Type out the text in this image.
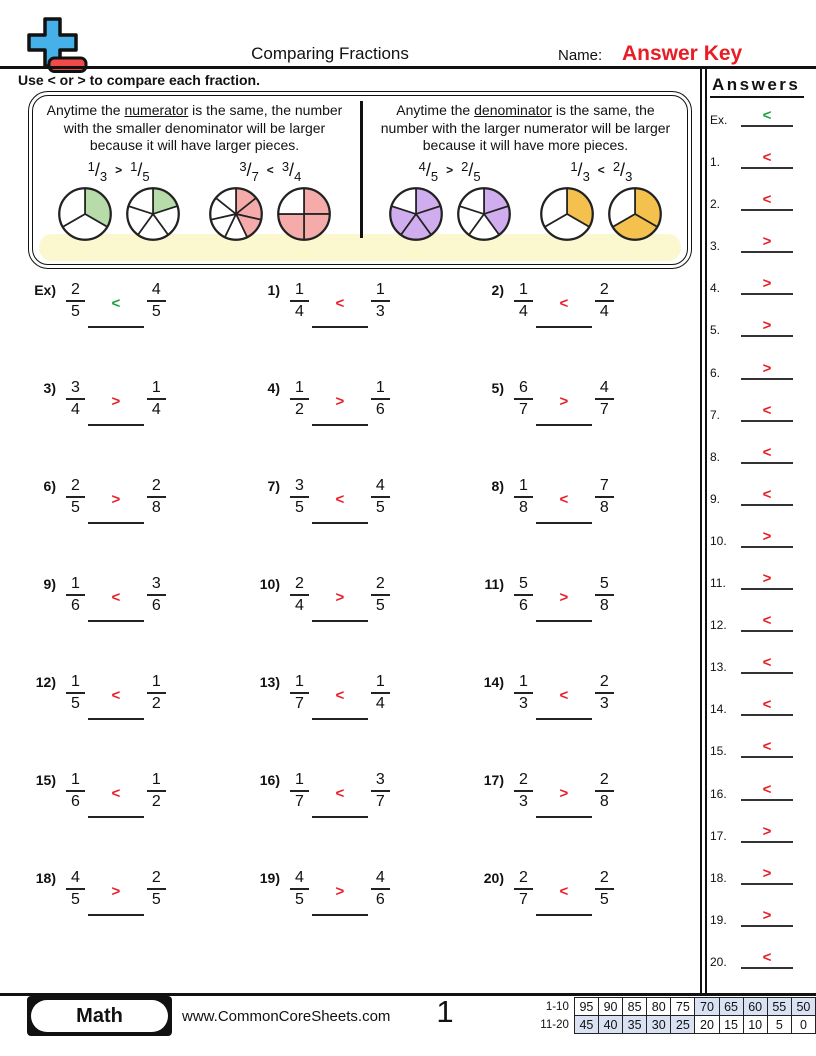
Comparing Fractions	Name: Answer Key
Use < or > to compare each fraction.

Anytime the numerator is the same, the number with the smaller denominator will be larger because it will have larger pieces.

1/3 > 1/5
3/7 < 3/4

Anytime the denominator is the same, the number with the larger numerator will be larger because it will have more pieces.

4/5 > 2/5
1/3 < 2/3
$Ex) \frac{2}{5} < \frac{4}{5}$	$1) \frac{1}{4} < \frac{1}{3}$	$2) \frac{1}{4} < \frac{2}{4}$
$3) \frac{3}{4} > \frac{1}{4}$	$4) \frac{1}{2} > \frac{1}{6}$	$5) \frac{6}{7} > \frac{4}{7}$
$6) \frac{2}{5} > \frac{2}{8}$	$7) \frac{3}{5} < \frac{4}{5}$	$8) \frac{1}{8} < \frac{7}{8}$
$9) \frac{1}{6} < \frac{3}{6}$	$10) \frac{2}{4} > \frac{2}{5}$	$11) \frac{5}{6} > \frac{5}{8}$
$12) \frac{1}{5} < \frac{1}{2}$	$13) \frac{1}{7} < \frac{1}{4}$	$14) \frac{1}{3} < \frac{2}{3}$
$15) \frac{1}{6} < \frac{1}{2}$	$16) \frac{1}{7} < \frac{3}{7}$	$17) \frac{2}{3} > \frac{2}{8}$
$18) \frac{4}{5} > \frac{2}{5}$	$19) \frac{4}{5} > \frac{4}{6}$	$20) \frac{2}{7} < \frac{2}{5}$
Answers
Ex.	<
1.	<
2.	<
3.	>
4.	>
5.	>
6.	>
7.	<
8.	<
9.	<
10.	>
11.	>
12.	<
13.	<
14.	<
15.	<
16.	<
17.	>
18.	>
19.	>
20.	<
Math	www.CommonCoreSheets.com	1	1-10	95	90	85	80	75	70	65	60	55	50
11-20	45	40	35	30	25	20	15	10	5	0
